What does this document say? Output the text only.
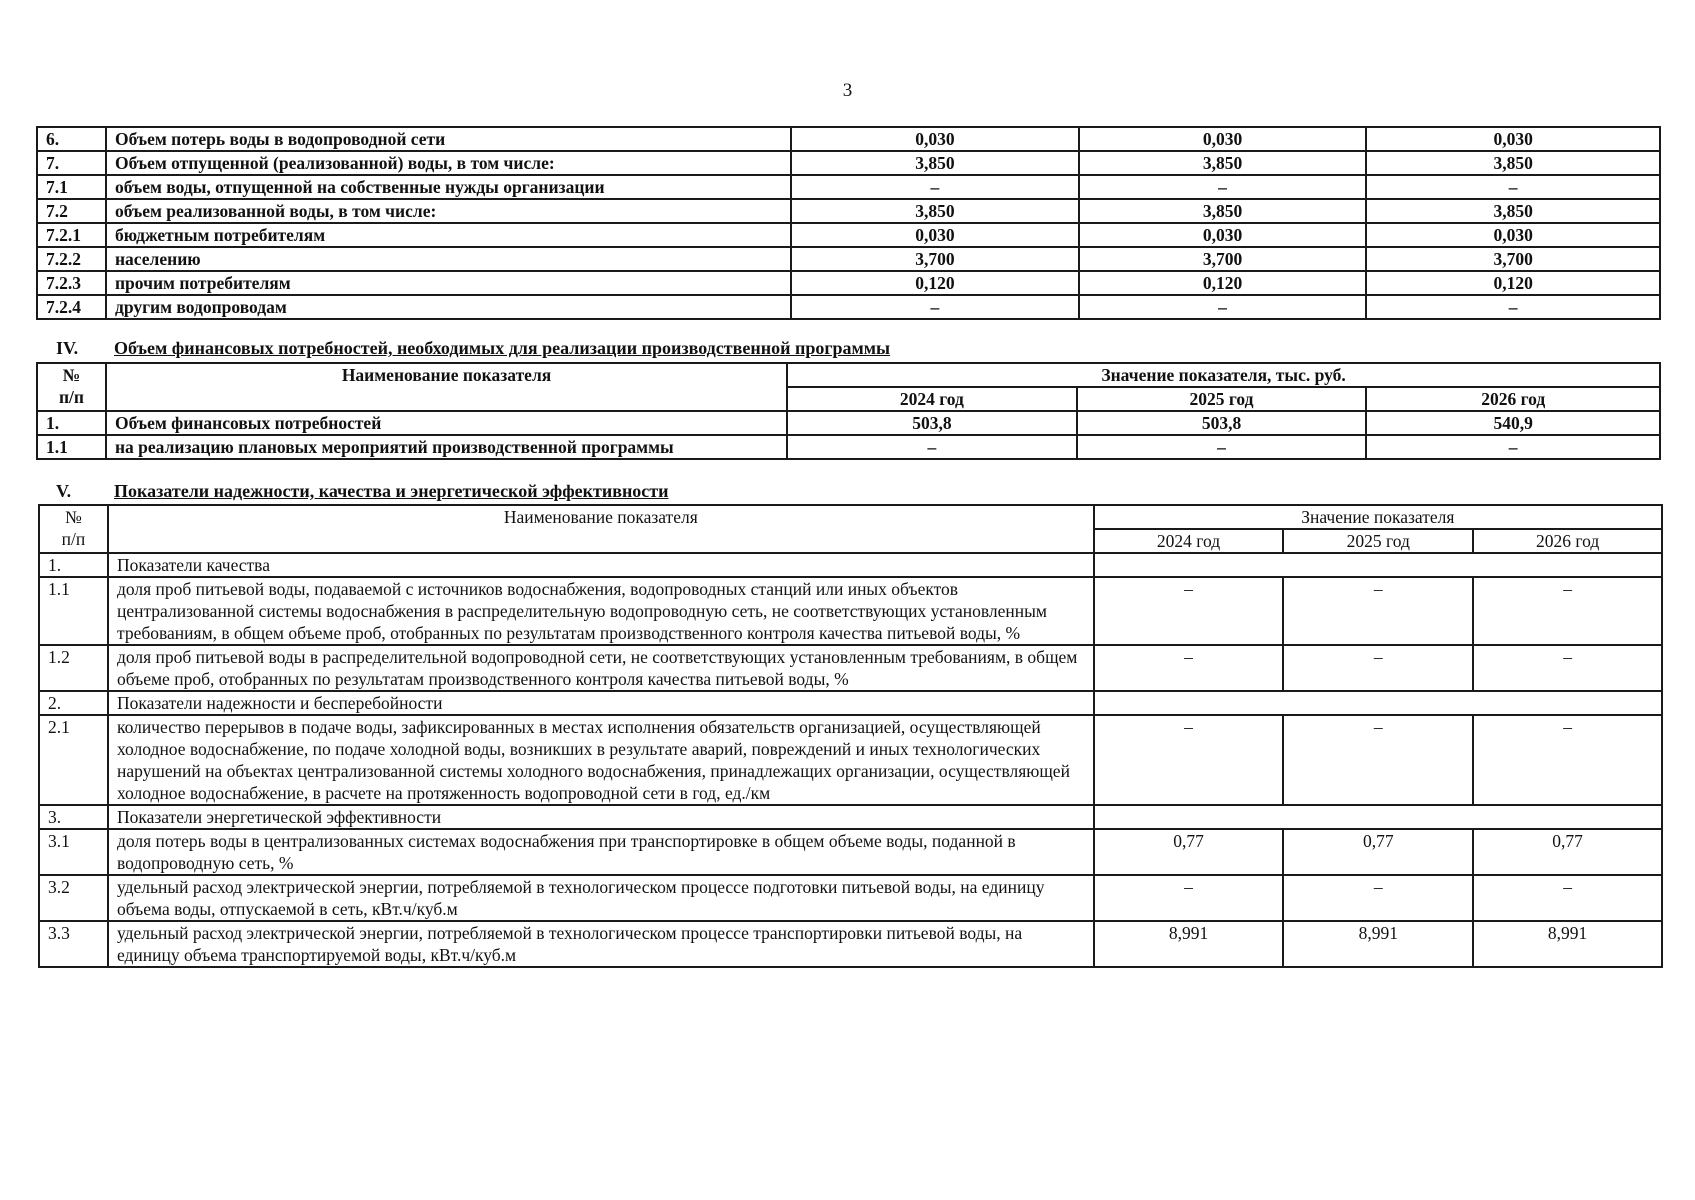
3
6.	Объем потерь воды в водопроводной сети	0,030	0,030	0,030
7.	Объем отпущенной (реализованной) воды, в том числе:	3,850	3,850	3,850
7.1	объем воды, отпущенной на собственные нужды организации	–	–	–
7.2	объем реализованной воды, в том числе:	3,850	3,850	3,850
7.2.1	бюджетным потребителям	0,030	0,030	0,030
7.2.2	населению	3,700	3,700	3,700
7.2.3	прочим потребителям	0,120	0,120	0,120
7.2.4	другим водопроводам	–	–	–
IV. Объем финансовых потребностей, необходимых для реализации производственной программы
№
п/п	Наименование показателя	Значение показателя, тыс. руб.		
		2024 год	2025 год	2026 год
1.	Объем финансовых потребностей	503,8	503,8	540,9
1.1	на реализацию плановых мероприятий производственной программы	–	–	–
V. Показатели надежности, качества и энергетической эффективности
№
п/п	Наименование показателя	Значение показателя		
		2024 год	2025 год	2026 год
1.	Показатели качества			
1.1	доля проб питьевой воды, подаваемой с источников водоснабжения, водопроводных станций или иных объектов централизованной системы водоснабжения в распределительную водопроводную сеть, не соответствующих установленным требованиям, в общем объеме проб, отобранных по результатам производственного контроля качества питьевой воды, %	–	–	–
1.2	доля проб питьевой воды в распределительной водопроводной сети, не соответствующих установленным требованиям, в общем объеме проб, отобранных по результатам производственного контроля качества питьевой воды, %	–	–	–
2.	Показатели надежности и бесперебойности			
2.1	количество перерывов в подаче воды, зафиксированных в местах исполнения обязательств организацией, осуществляющей холодное водоснабжение, по подаче холодной воды, возникших в результате аварий, повреждений и иных технологических нарушений на объектах централизованной системы холодного водоснабжения, принадлежащих организации, осуществляющей холодное водоснабжение, в расчете на протяженность водопроводной сети в год, ед./км	–	–	–
3.	Показатели энергетической эффективности			
3.1	доля потерь воды в централизованных системах водоснабжения при транспортировке в общем объеме воды, поданной в водопроводную сеть, %	0,77	0,77	0,77
3.2	удельный расход электрической энергии, потребляемой в технологическом процессе подготовки питьевой воды, на единицу объема воды, отпускаемой в сеть, кВт.ч/куб.м	–	–	–
3.3	удельный расход электрической энергии, потребляемой в технологическом процессе транспортировки питьевой воды, на единицу объема транспортируемой воды, кВт.ч/куб.м	8,991	8,991	8,991
